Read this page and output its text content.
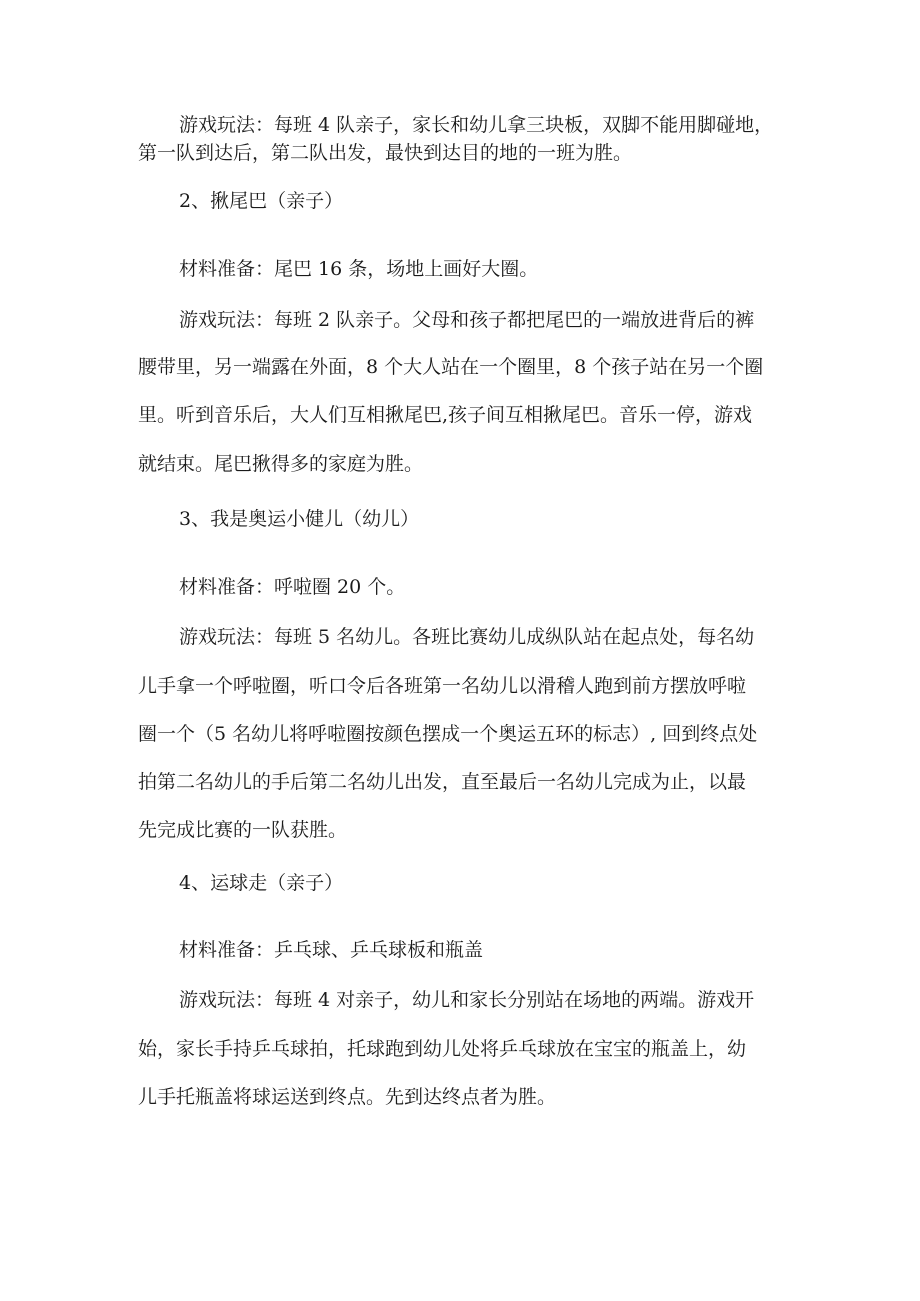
游戏玩法：每班 4 队亲子，家长和幼儿拿三块板，双脚不能用脚碰地，
第一队到达后，第二队出发，最快到达目的地的一班为胜。
2、揪尾巴（亲子）
材料准备：尾巴 16 条，场地上画好大圈。
游戏玩法：每班 2 队亲子。父母和孩子都把尾巴的一端放进背后的裤
腰带里，另一端露在外面，8 个大人站在一个圈里，8 个孩子站在另一个圈
里。听到音乐后，大人们互相揪尾巴,孩子间互相揪尾巴。音乐一停，游戏
就结束。尾巴揪得多的家庭为胜。
3、我是奥运小健儿（幼儿）
材料准备：呼啦圈 20 个。
游戏玩法：每班 5 名幼儿。各班比赛幼儿成纵队站在起点处，每名幼
儿手拿一个呼啦圈，听口令后各班第一名幼儿以滑稽人跑到前方摆放呼啦
圈一个（5 名幼儿将呼啦圈按颜色摆成一个奥运五环的标志）, 回到终点处
拍第二名幼儿的手后第二名幼儿出发，直至最后一名幼儿完成为止，以最
先完成比赛的一队获胜。
4、运球走（亲子）
材料准备：乒乓球、乒乓球板和瓶盖
游戏玩法：每班 4 对亲子，幼儿和家长分别站在场地的两端。游戏开
始，家长手持乒乓球拍，托球跑到幼儿处将乒乓球放在宝宝的瓶盖上，幼
儿手托瓶盖将球运送到终点。先到达终点者为胜。
